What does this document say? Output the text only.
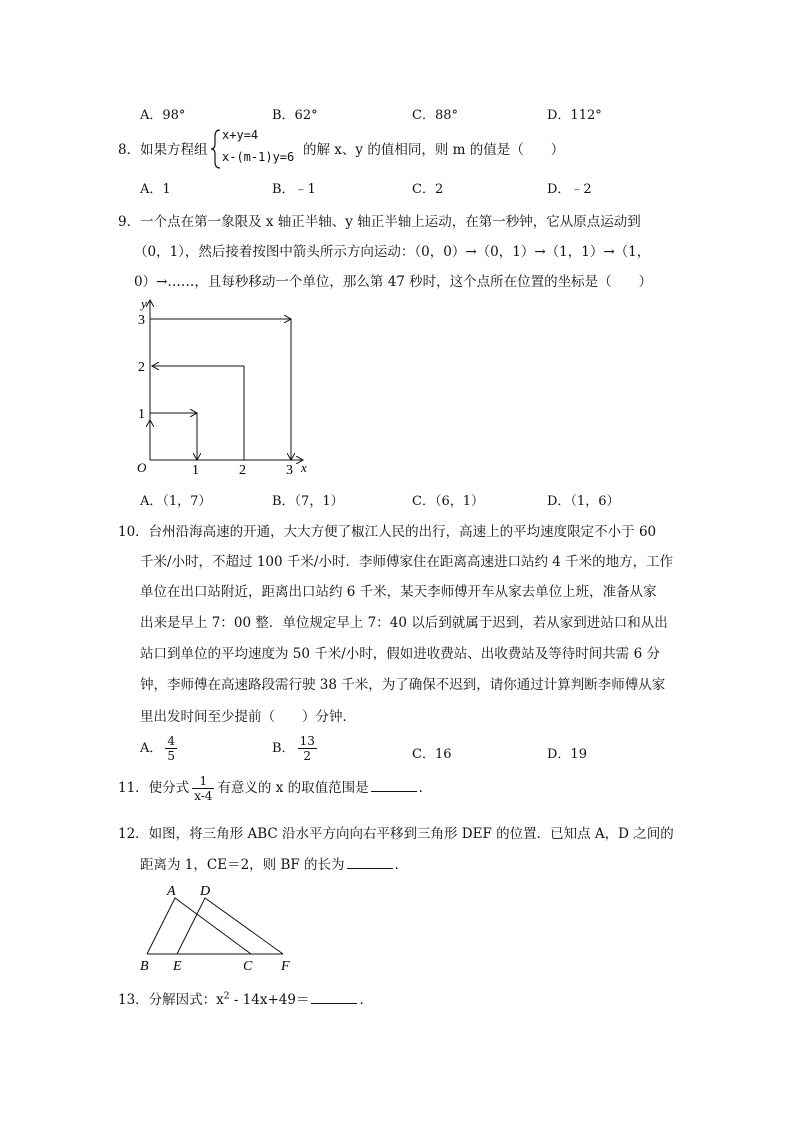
A．98°	B．62°	C．88°	D．112°
8． 如果方程组
x+y=4
x-(m-1)y=6 的解 x、y 的值相同，则 m 的值是（　　）
A．1	B．﹣1	C．2	D．﹣2
9．一个点在第一象限及 x 轴正半轴、y 轴正半轴上运动，在第一秒钟，它从原点运动到
（0，1），然后接着按图中箭头所示方向运动：（0，0）→（0，1）→（1，1）→（1，
0）→……，且每秒移动一个单位，那么第 47 秒时，这个点所在位置的坐标是（　　）
y
x
O	1	2	3
1
2
3
A．（1，7）	B．（7，1）	C．（6，1）	D．（1，6）
10．台州沿海高速的开通，大大方便了椒江人民的出行，高速上的平均速度限定不小于 60
千米/小时，不超过 100 千米/小时．李师傅家住在距离高速进口站约 4 千米的地方，工作
单位在出口站附近，距离出口站约 6 千米，某天李师傅开车从家去单位上班，准备从家
出来是早上 7：00 整．单位规定早上 7：40 以后到就属于迟到，若从家到进站口和从出
站口到单位的平均速度为 50 千米/小时，假如进收费站、出收费站及等待时间共需 6 分
钟，李师傅在高速路段需行驶 38 千米，为了确保不迟到，请你通过计算判断李师傅从家
里出发时间至少提前（　　）分钟．
A． $\frac{4}{5}$	B． $\frac{13}{2}$	C．16	D．19
11．使分式 $\frac{1}{x-4}$ 有意义的 x 的取值范围是	．
12．如图，将三角形 ABC 沿水平方向向右平移到三角形 DEF 的位置．已知点 A，D 之间的
距离为 1，CE＝2，则 BF 的长为	．
A D
B E	C F
13．分解因式：$x^2 - 14x+49=$	．
